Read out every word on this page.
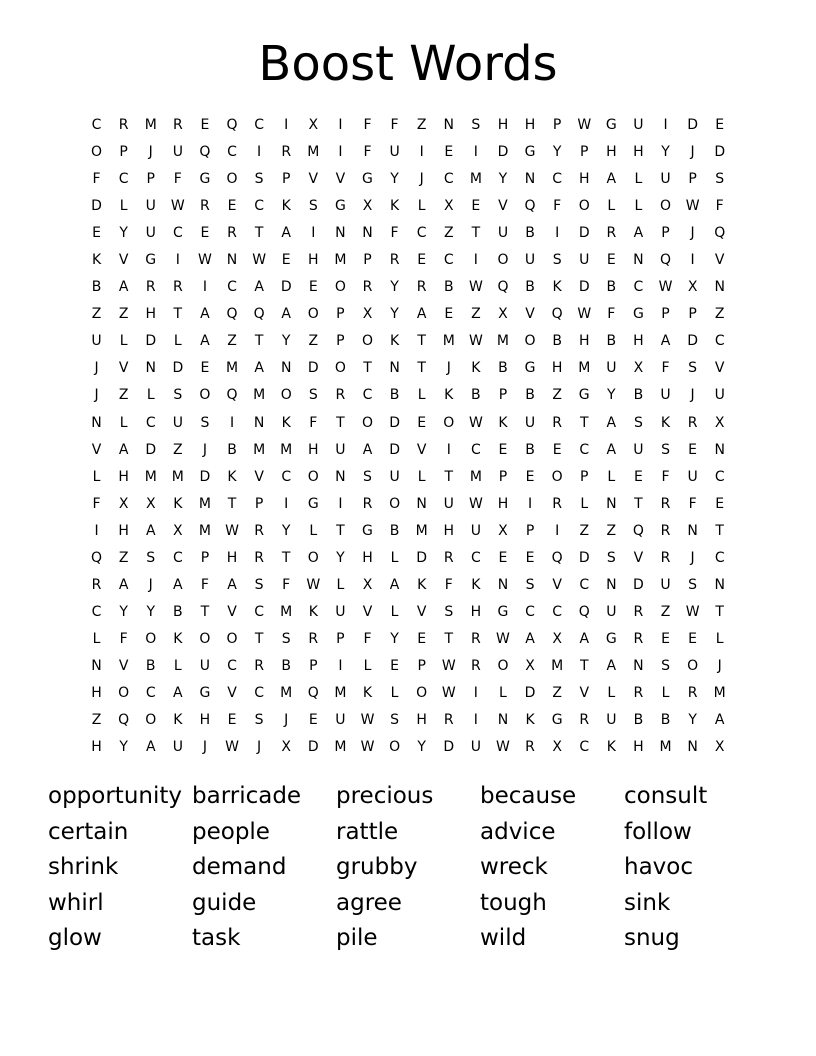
Boost Words
C	R	M	R	E	Q	C	I	X	I	F	F	Z	N	S	H	H	P	W	G	U	I	D	E
O	P	J	U	Q	C	I	R	M	I	F	U	I	E	I	D	G	Y	P	H	H	Y	J	D
F	C	P	F	G	O	S	P	V	V	G	Y	J	C	M	Y	N	C	H	A	L	U	P	S
D	L	U	W	R	E	C	K	S	G	X	K	L	X	E	V	Q	F	O	L	L	O	W	F
E	Y	U	C	E	R	T	A	I	N	N	F	C	Z	T	U	B	I	D	R	A	P	J	Q
K	V	G	I	W	N	W	E	H	M	P	R	E	C	I	O	U	S	U	E	N	Q	I	V
B	A	R	R	I	C	A	D	E	O	R	Y	R	B	W	Q	B	K	D	B	C	W	X	N
Z	Z	H	T	A	Q	Q	A	O	P	X	Y	A	E	Z	X	V	Q	W	F	G	P	P	Z
U	L	D	L	A	Z	T	Y	Z	P	O	K	T	M	W	M	O	B	H	B	H	A	D	C
J	V	N	D	E	M	A	N	D	O	T	N	T	J	K	B	G	H	M	U	X	F	S	V
J	Z	L	S	O	Q	M	O	S	R	C	B	L	K	B	P	B	Z	G	Y	B	U	J	U
N	L	C	U	S	I	N	K	F	T	O	D	E	O	W	K	U	R	T	A	S	K	R	X
V	A	D	Z	J	B	M	M	H	U	A	D	V	I	C	E	B	E	C	A	U	S	E	N
L	H	M	M	D	K	V	C	O	N	S	U	L	T	M	P	E	O	P	L	E	F	U	C
F	X	X	K	M	T	P	I	G	I	R	O	N	U	W	H	I	R	L	N	T	R	F	E
I	H	A	X	M	W	R	Y	L	T	G	B	M	H	U	X	P	I	Z	Z	Q	R	N	T
Q	Z	S	C	P	H	R	T	O	Y	H	L	D	R	C	E	E	Q	D	S	V	R	J	C
R	A	J	A	F	A	S	F	W	L	X	A	K	F	K	N	S	V	C	N	D	U	S	N
C	Y	Y	B	T	V	C	M	K	U	V	L	V	S	H	G	C	C	Q	U	R	Z	W	T
L	F	O	K	O	O	T	S	R	P	F	Y	E	T	R	W	A	X	A	G	R	E	E	L
N	V	B	L	U	C	R	B	P	I	L	E	P	W	R	O	X	M	T	A	N	S	O	J
H	O	C	A	G	V	C	M	Q	M	K	L	O	W	I	L	D	Z	V	L	R	L	R	M
Z	Q	O	K	H	E	S	J	E	U	W	S	H	R	I	N	K	G	R	U	B	B	Y	A
H	Y	A	U	J	W	J	X	D	M	W	O	Y	D	U	W	R	X	C	K	H	M	N	X
opportunity barricade	precious	because	consult
certain	people	rattle	advice	follow
shrink	demand	grubby	wreck	havoc
whirl	guide	agree	tough	sink
glow	task	pile	wild	snug
